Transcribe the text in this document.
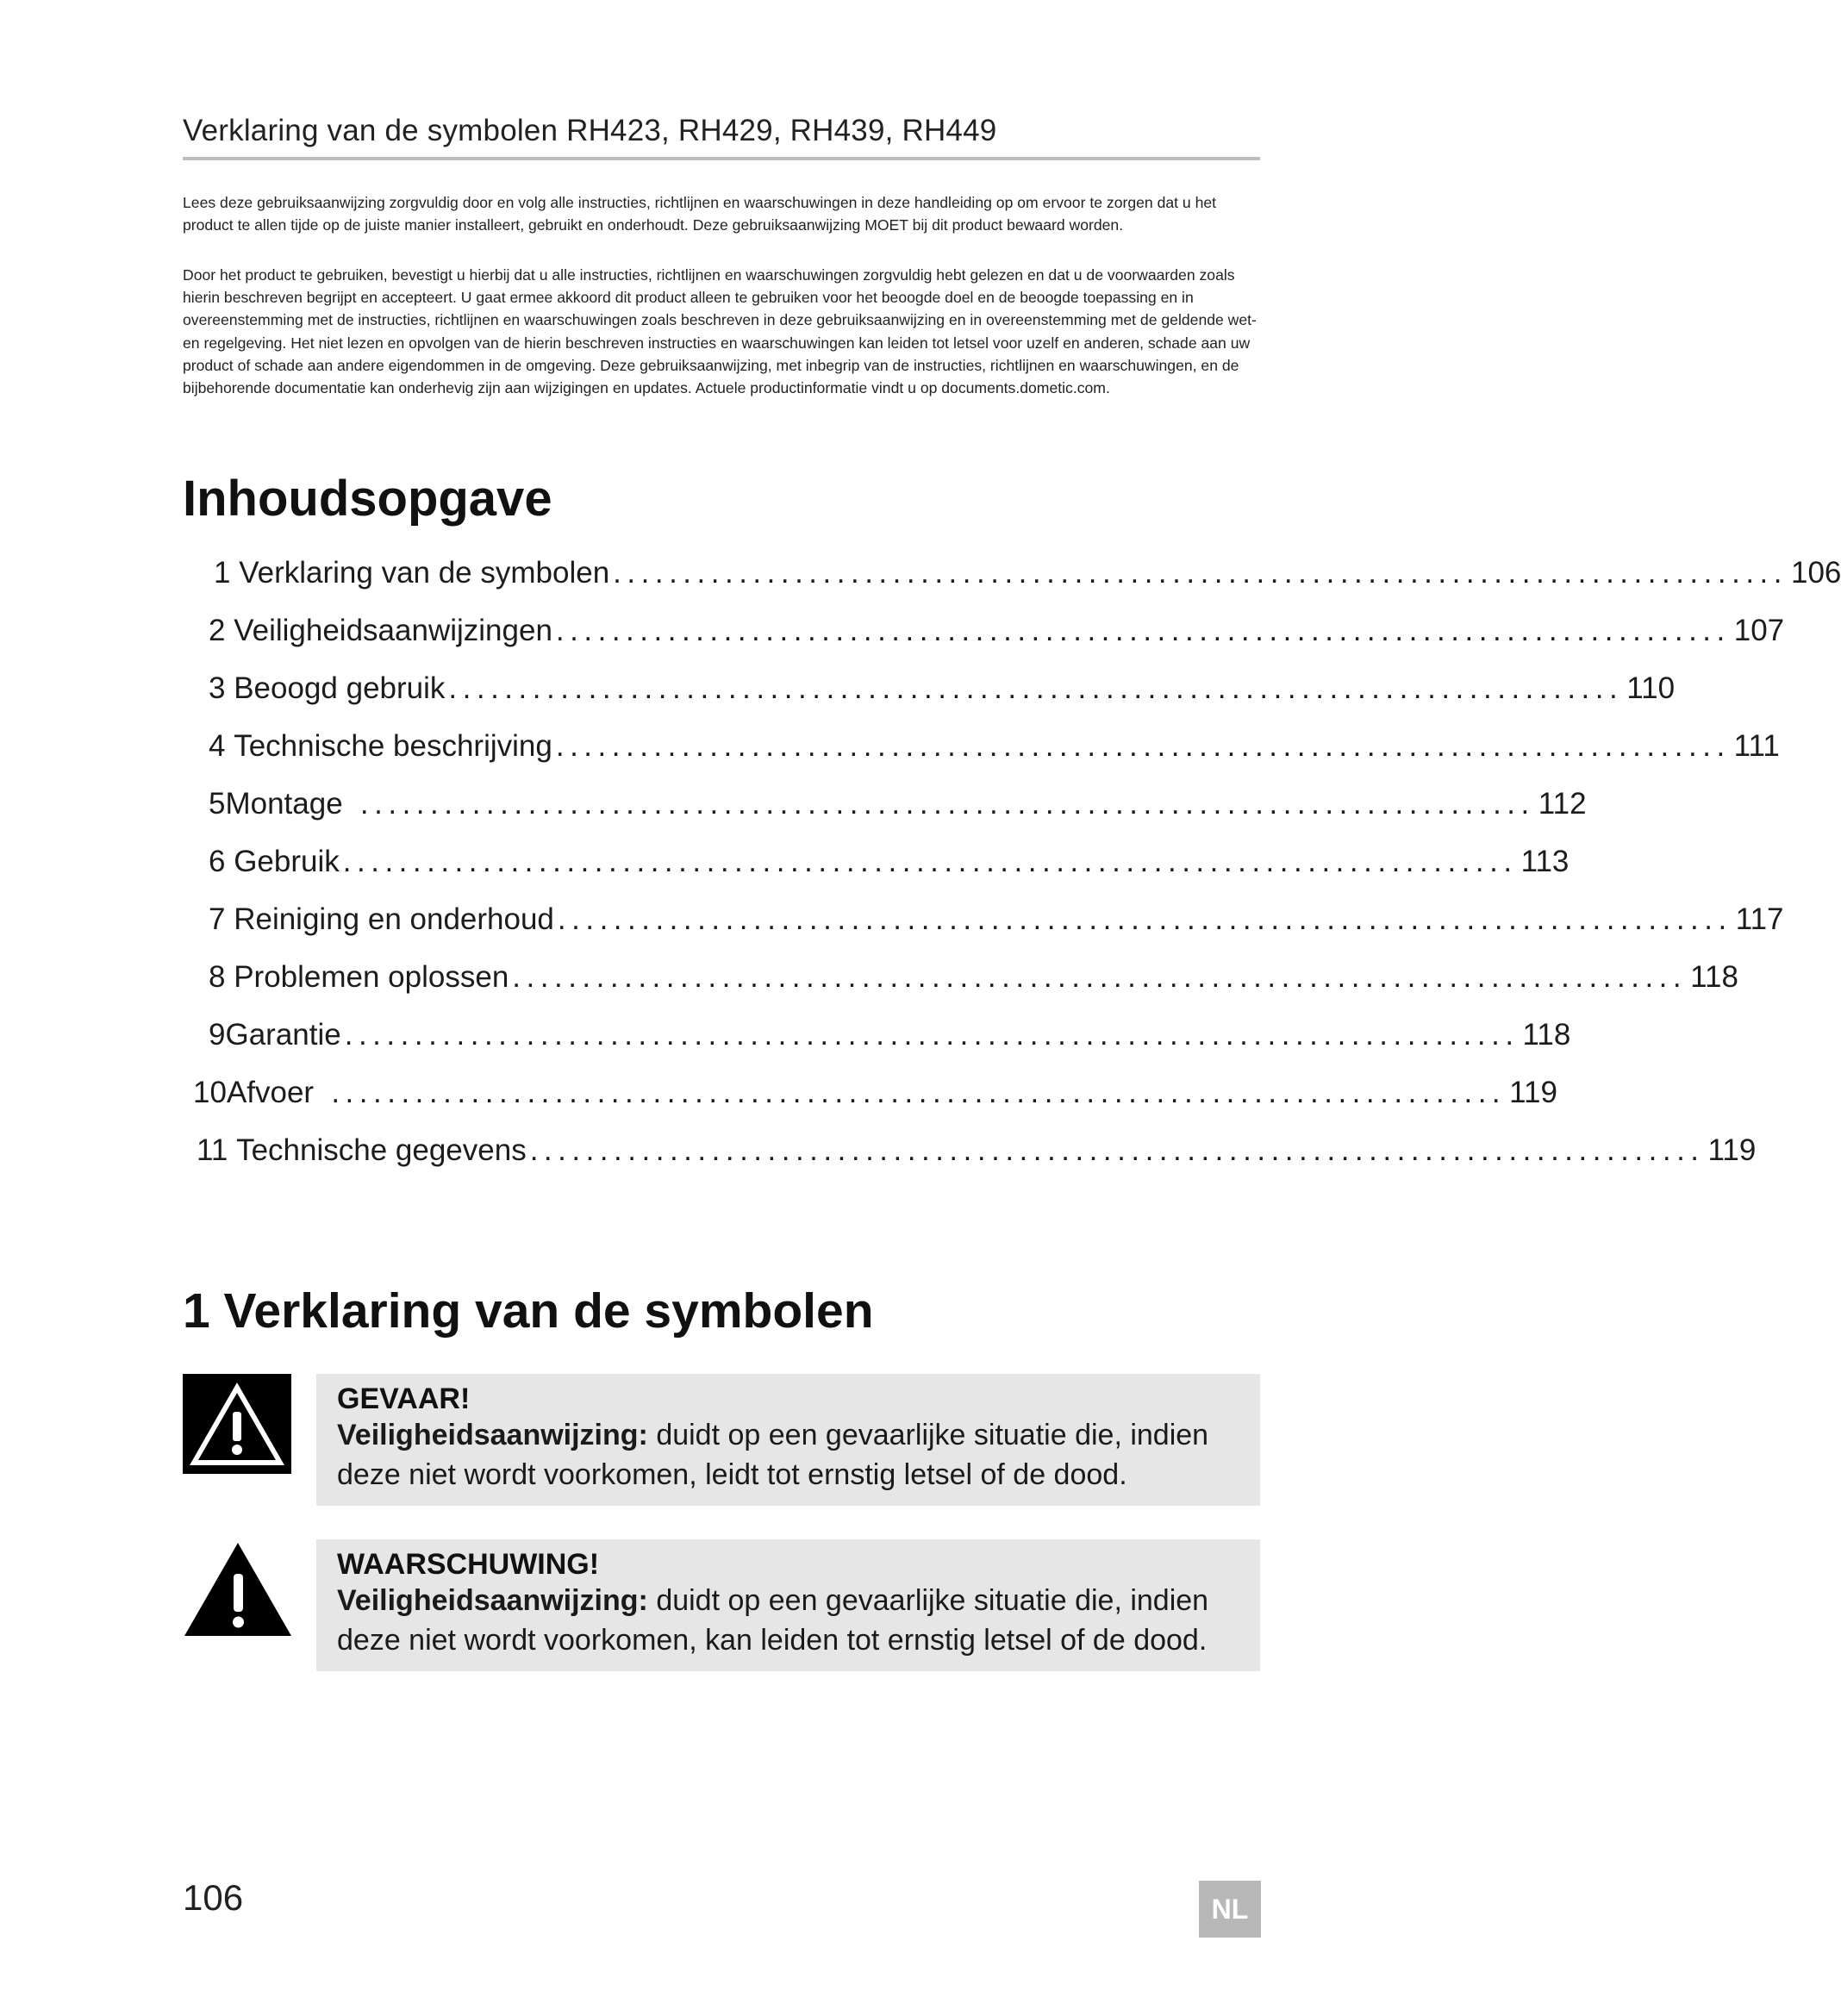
Verklaring van de symbolen RH423, RH429, RH439, RH449

Lees deze gebruiksaanwijzing zorgvuldig door en volg alle instructies, richtlijnen en waarschuwingen in deze handleiding op om ervoor te zorgen dat u het product te allen tijde op de juiste manier installeert, gebruikt en onderhoudt. Deze gebruiksaanwijzing MOET bij dit product bewaard worden.

Door het product te gebruiken, bevestigt u hierbij dat u alle instructies, richtlijnen en waarschuwingen zorgvuldig hebt gelezen en dat u de voorwaarden zoals hierin beschreven begrijpt en accepteert. U gaat ermee akkoord dit product alleen te gebruiken voor het beoogde doel en de beoogde toepassing en in overeenstemming met de instructies, richtlijnen en waarschuwingen zoals beschreven in deze gebruiksaanwijzing en in overeenstemming met de geldende wet- en regelgeving. Het niet lezen en opvolgen van de hierin beschreven instructies en waarschuwingen kan leiden tot letsel voor uzelf en anderen, schade aan uw product of schade aan andere eigendommen in de omgeving. Deze gebruiksaanwijzing, met inbegrip van de instructies, richtlijnen en waarschuwingen, en de bijbehorende documentatie kan onderhevig zijn aan wijzigingen en updates. Actuele productinformatie vindt u op documents.dometic.com.

Inhoudsopgave
1
Verklaring van de symbolen .................................................................................... 106
2
Veiligheidsaanwijzingen .................................................................................... 107
3
Beoogd gebruik .................................................................................... 110
4
Technische beschrijving .................................................................................... 111
5 Montage .................................................................................... 112
6
Gebruik .................................................................................... 113
7
Reiniging en onderhoud .................................................................................... 117
8
Problemen oplossen .................................................................................... 118
9 Garantie .................................................................................... 118
10 Afvoer .................................................................................... 119
11
Technische gegevens .................................................................................... 119
1 Verklaring van de symbolen
GEVAAR!
Veiligheidsaanwijzing: duidt op een gevaarlijke situatie die, indien deze niet wordt voorkomen, leidt tot ernstig letsel of de dood.
WAARSCHUWING!
Veiligheidsaanwijzing: duidt op een gevaarlijke situatie die, indien deze niet wordt voorkomen, kan leiden tot ernstig letsel of de dood.
106	NL
